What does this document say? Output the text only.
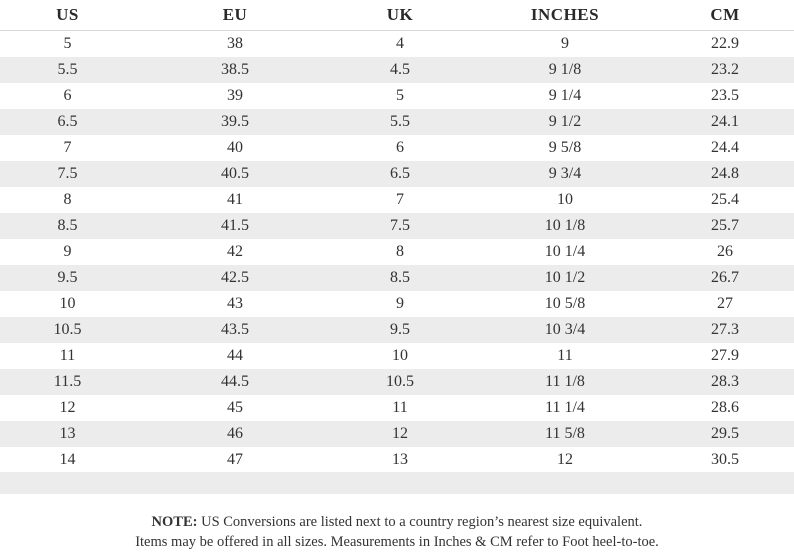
US	EU	UK	INCHES	CM
5	38	4	9	22.9
5.5	38.5	4.5	9 1/8	23.2
6	39	5	9 1/4	23.5
6.5	39.5	5.5	9 1/2	24.1
7	40	6	9 5/8	24.4
7.5	40.5	6.5	9 3/4	24.8
8	41	7	10	25.4
8.5	41.5	7.5	10 1/8	25.7
9	42	8	10 1/4	26
9.5	42.5	8.5	10 1/2	26.7
10	43	9	10 5/8	27
10.5	43.5	9.5	10 3/4	27.3
11	44	10	11	27.9
11.5	44.5	10.5	11 1/8	28.3
12	45	11	11 1/4	28.6
13	46	12	11 5/8	29.5
14	47	13	12	30.5
NOTE: US Conversions are listed next to a country region’s nearest size equivalent.
Items may be offered in all sizes. Measurements in Inches & CM refer to Foot heel-to-toe.
